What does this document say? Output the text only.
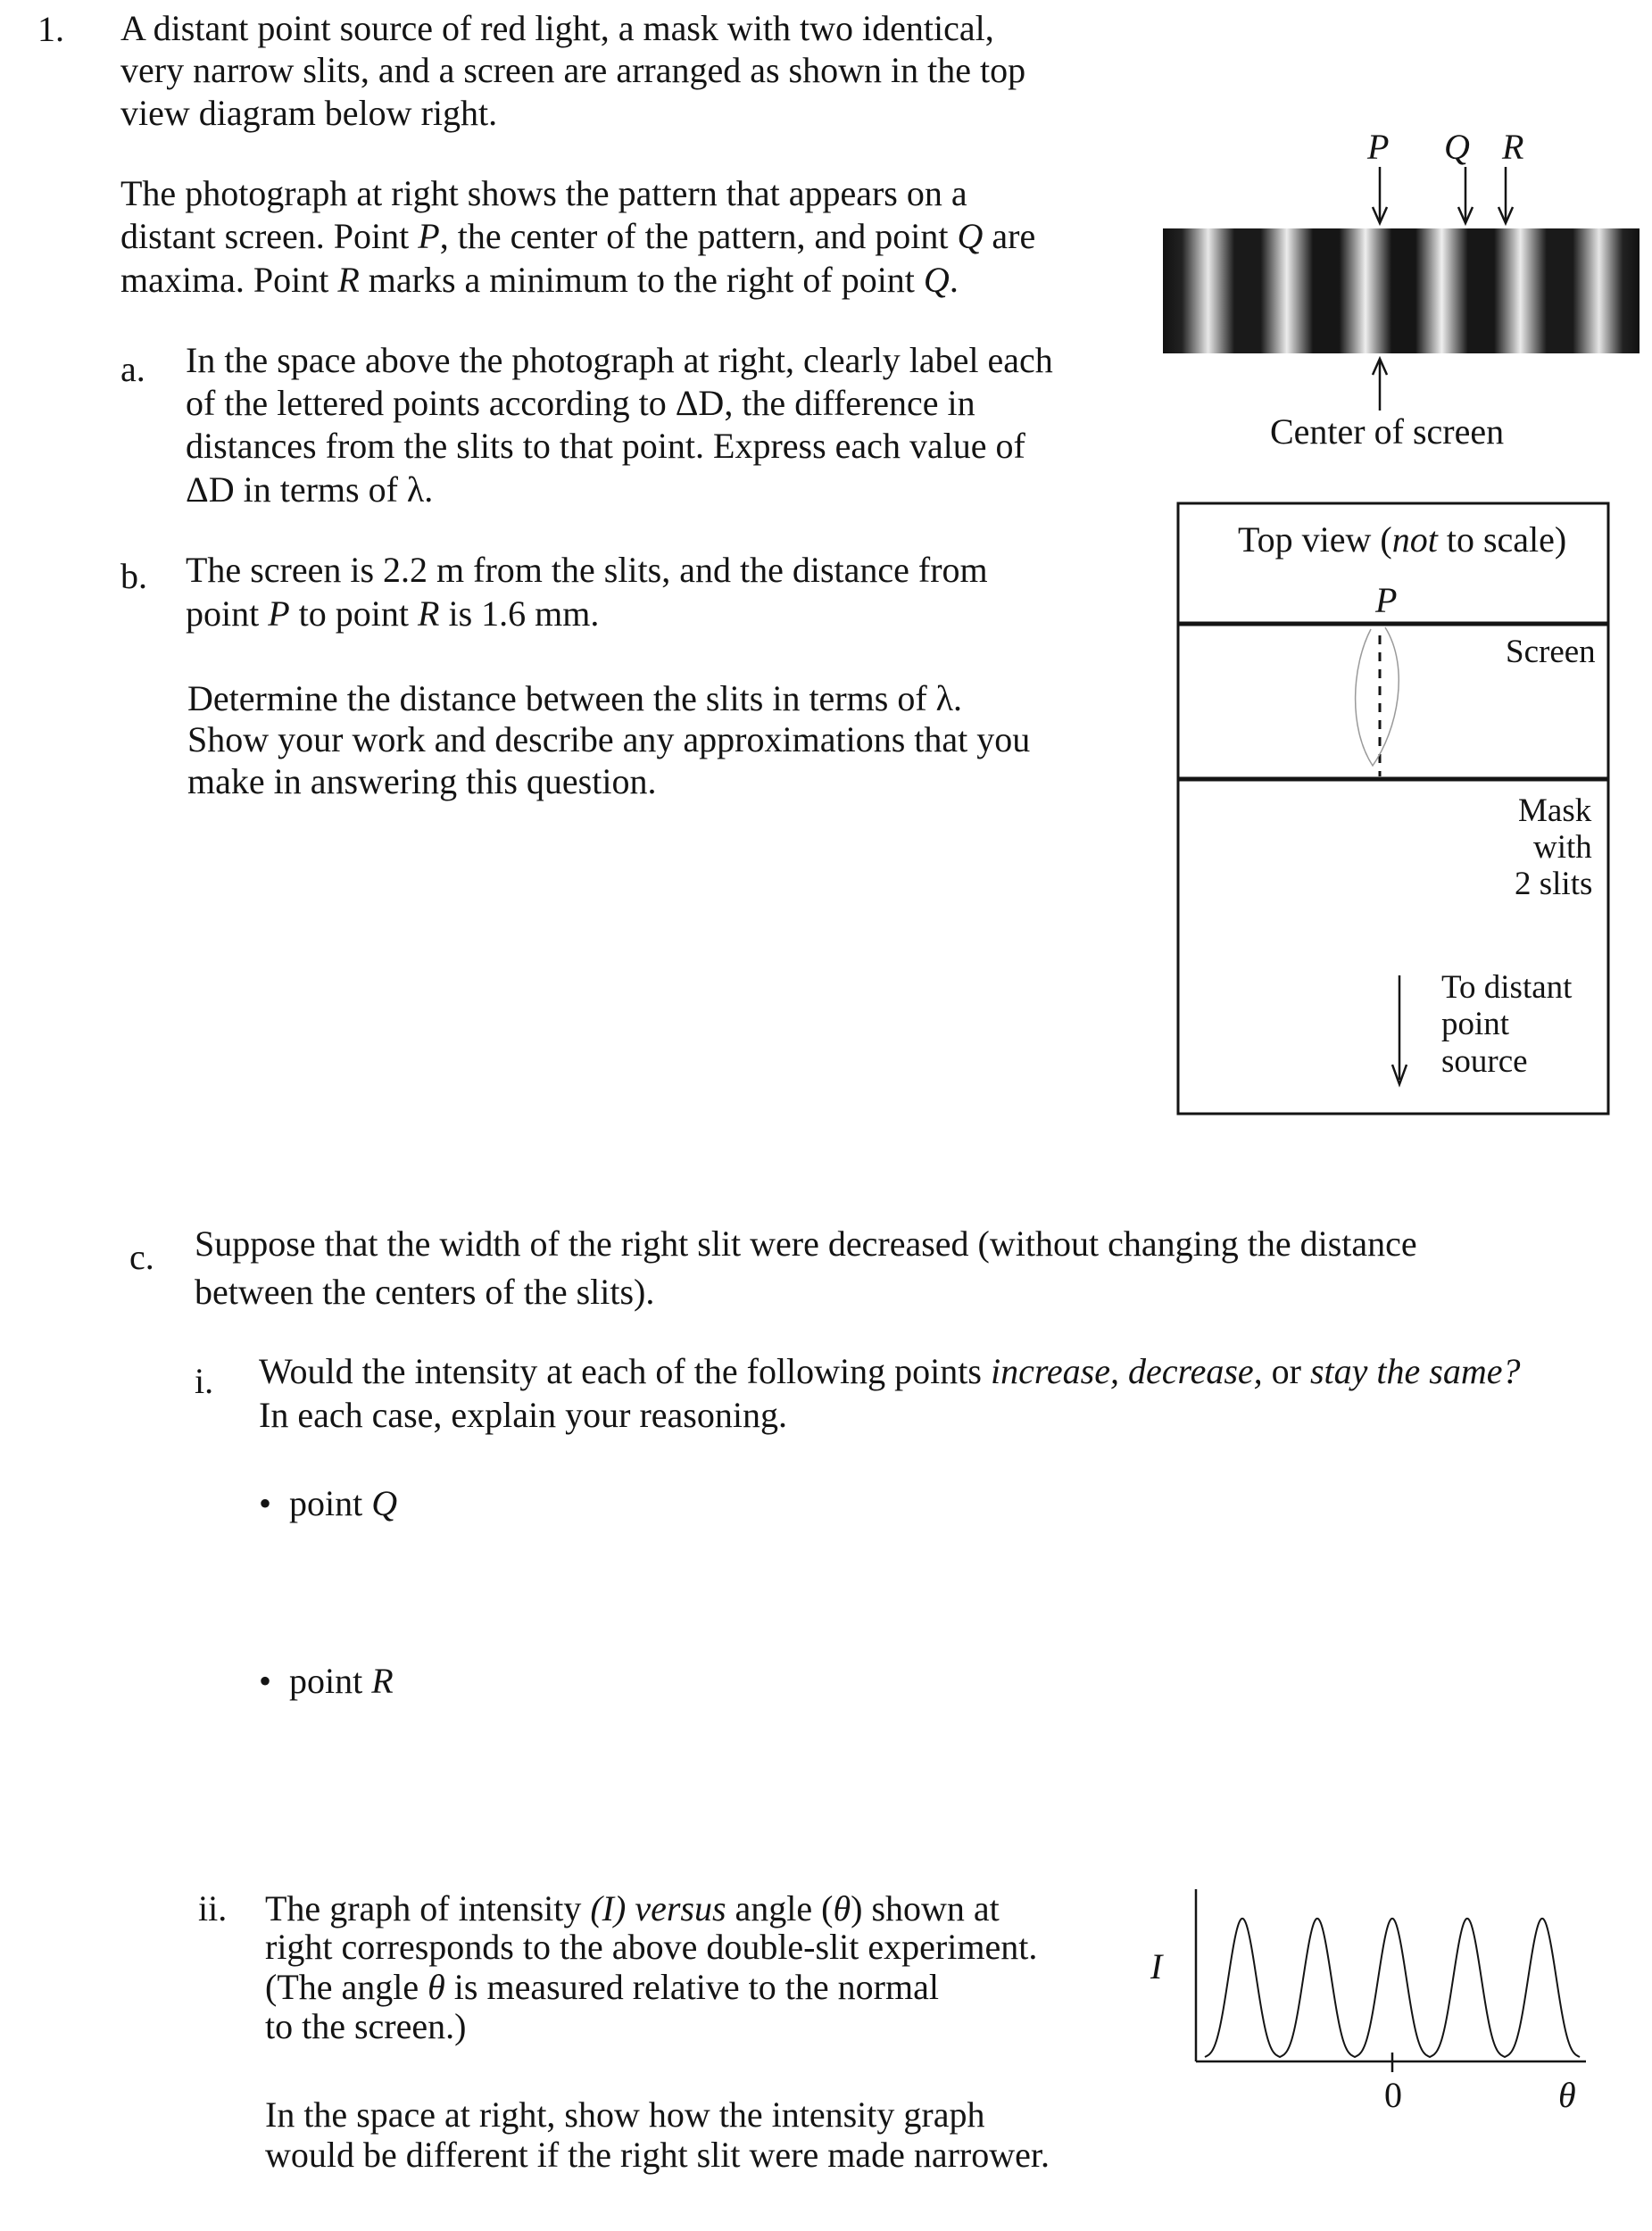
1. A distant point source of red light, a mask with two identical,
very narrow slits, and a screen are arranged as shown in the top
view diagram below right.
The photograph at right shows the pattern that appears on a
distant screen. Point P, the center of the pattern, and point Q are
maxima. Point R marks a minimum to the right of point Q.
a. In the space above the photograph at right, clearly label each
of the lettered points according to ΔD, the difference in
distances from the slits to that point. Express each value of
ΔD in terms of λ.
b. The screen is 2.2 m from the slits, and the distance from
point P to point R is 1.6 mm.
Determine the distance between the slits in terms of λ.
Show your work and describe any approximations that you
make in answering this question.
P Q R
Center of screen
Top view (not to scale)
P
Screen
Mask
with
2 slits
To distant
point
source
c. Suppose that the width of the right slit were decreased (without changing the distance
between the centers of the slits).
i. Would the intensity at each of the following points increase, decrease, or stay the same?
In each case, explain your reasoning.
•  point Q
•  point R
ii. The graph of intensity (I) versus angle (θ) shown at
right corresponds to the above double-slit experiment.
(The angle θ is measured relative to the normal
to the screen.)
In the space at right, show how the intensity graph
would be different if the right slit were made narrower.
I
0	θ
